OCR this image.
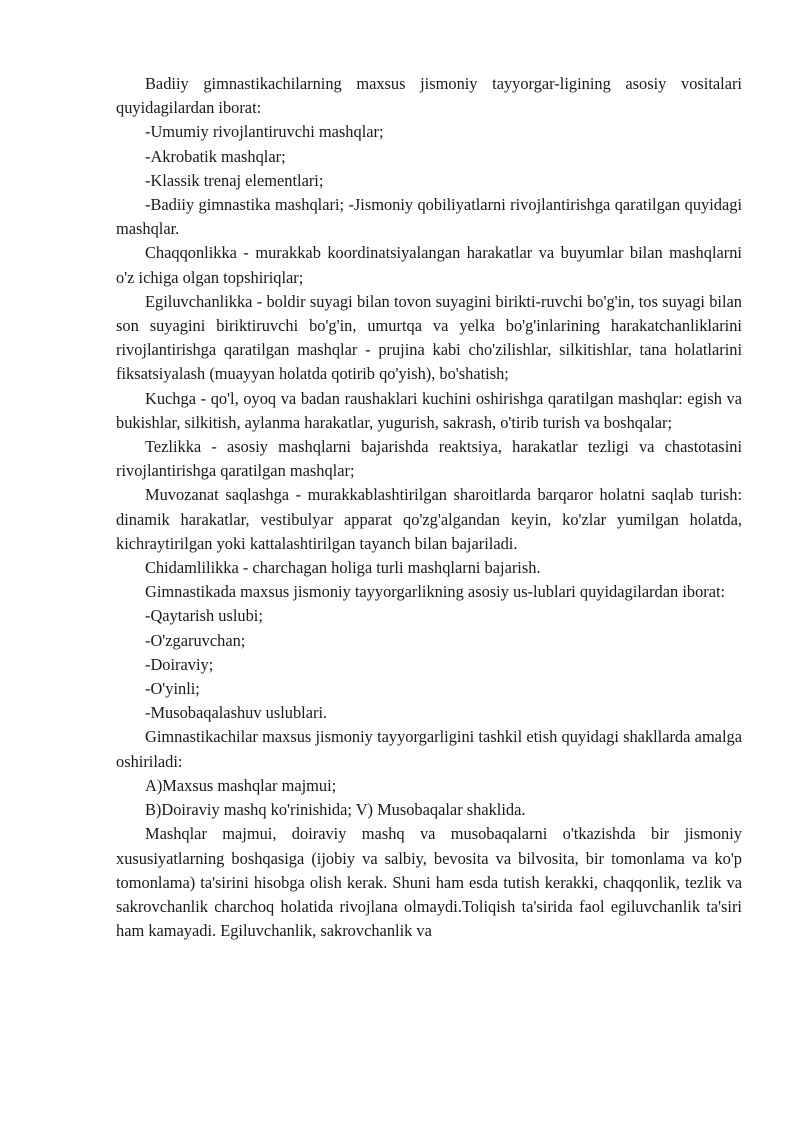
Badiiy gimnastikachilarning maxsus jismoniy tayyorgar-ligining asosiy vositalari quyidagilardan iborat:

-Umumiy rivojlantiruvchi mashqlar;

-Akrobatik mashqlar;

-Klassik trenaj elementlari;

-Badiiy gimnastika mashqlari; -Jismoniy qobiliyatlarni rivojlantirishga qaratilgan quyidagi mashqlar.

Chaqqonlikka - murakkab koordinatsiyalangan harakatlar va buyumlar bilan mashqlarni o'z ichiga olgan topshiriqlar;

Egiluvchanlikka - boldir suyagi bilan tovon suyagini birikti-ruvchi bo'g'in, tos suyagi bilan son suyagini biriktiruvchi bo'g'in, umurtqa va yelka bo'g'inlarining harakatchanliklarini rivojlantirishga qaratilgan mashqlar - prujina kabi cho'zilishlar, silkitishlar, tana holatlarini fiksatsiyalash (muayyan holatda qotirib qo'yish), bo'shatish;

Kuchga - qo'l, oyoq va badan raushaklari kuchini oshirishga qaratilgan mashqlar: egish va bukishlar, silkitish, aylanma harakatlar, yugurish, sakrash, o'tirib turish va boshqalar;

Tezlikka - asosiy mashqlarni bajarishda reaktsiya, harakatlar tezligi va chastotasini rivojlantirishga qaratilgan mashqlar;

Muvozanat saqlashga - murakkablashtirilgan sharoitlarda barqaror holatni saqlab turish: dinamik harakatlar, vestibulyar apparat qo'zg'algandan keyin, ko'zlar yumilgan holatda, kichraytirilgan yoki kattalashtirilgan tayanch bilan bajariladi.

Chidamlilikka - charchagan holiga turli mashqlarni bajarish.

Gimnastikada maxsus jismoniy tayyorgarlikning asosiy us-lublari quyidagilardan iborat:

-Qaytarish uslubi;

-O'zgaruvchan;

-Doiraviy;

-O'yinli;

-Musobaqalashuv uslublari.

Gimnastikachilar maxsus jismoniy tayyorgarligini tashkil etish quyidagi shakllarda amalga oshiriladi:

A)Maxsus mashqlar majmui;

B)Doiraviy mashq ko'rinishida; V) Musobaqalar shaklida.

Mashqlar majmui, doiraviy mashq va musobaqalarni o'tkazishda bir jismoniy xususiyatlarning boshqasiga (ijobiy va salbiy, bevosita va bilvosita, bir tomonlama va ko'p tomonlama) ta'sirini hisobga olish kerak. Shuni ham esda tutish kerakki, chaqqonlik, tezlik va sakrovchanlik charchoq holatida rivojlana olmaydi.Toliqish ta'sirida faol egiluvchanlik ta'siri ham kamayadi. Egiluvchanlik, sakrovchanlik va
